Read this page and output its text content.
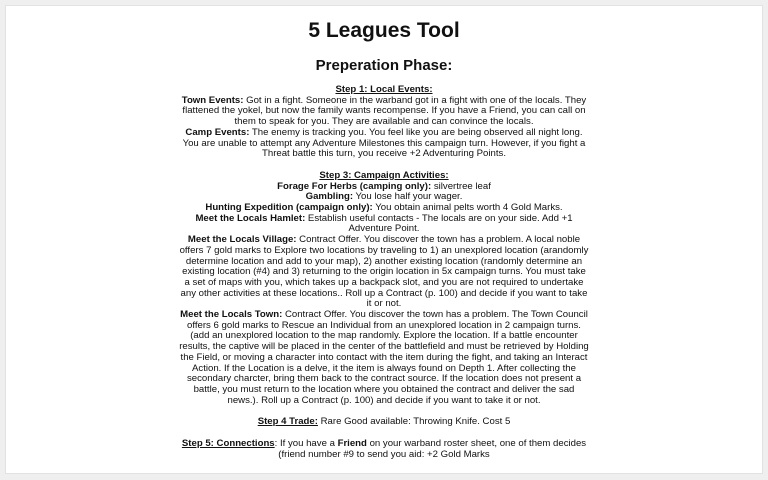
5 Leagues Tool
Preperation Phase:
Step 1: Local Events:
Town Events: Got in a fight. Someone in the warband got in a fight with one of the locals. They flattened the yokel, but now the family wants recompense. If you have a Friend, you can call on them to speak for you. They are available and can convince the locals.
Camp Events: The enemy is tracking you. You feel like you are being observed all night long. You are unable to attempt any Adventure Milestones this campaign turn. However, if you fight a Threat battle this turn, you receive +2 Adventuring Points.
Step 3: Campaign Activities:
Forage For Herbs (camping only): silvertree leaf
Gambling: You lose half your wager.
Hunting Expedition (campaign only): You obtain animal pelts worth 4 Gold Marks.
Meet the Locals Hamlet: Establish useful contacts - The locals are on your side. Add +1 Adventure Point.
Meet the Locals Village: Contract Offer. You discover the town has a problem. A local noble offers 7 gold marks to Explore two locations by traveling to 1) an unexplored location (arandomly determine location and add to your map), 2) another existing location (randomly determine an existing location (#4) and 3) returning to the origin location in 5x campaign turns. You must take a set of maps with you, which takes up a backpack slot, and you are not required to undertake any other activities at these locations.. Roll up a Contract (p. 100) and decide if you want to take it or not.
Meet the Locals Town: Contract Offer. You discover the town has a problem. The Town Council offers 6 gold marks to Rescue an Individual from an unexplored location in 2 campaign turns. (add an unexplored location to the map randomly. Explore the location. If a battle encounter results, the captive will be placed in the center of the battlefield and must be retrieved by Holding the Field, or moving a character into contact with the item during the fight, and taking an Interact Action. If the Location is a delve, it the item is always found on Depth 1. After collecting the secondary charcter, bring them back to the contract source. If the location does not present a battle, you must return to the location where you obtained the contract and deliver the sad news.). Roll up a Contract (p. 100) and decide if you want to take it or not.
Step 4 Trade: Rare Good available: Throwing Knife. Cost 5
Step 5: Connections: If you have a Friend on your warband roster sheet, one of them decides (friend number #9 to send you aid: +2 Gold Marks
